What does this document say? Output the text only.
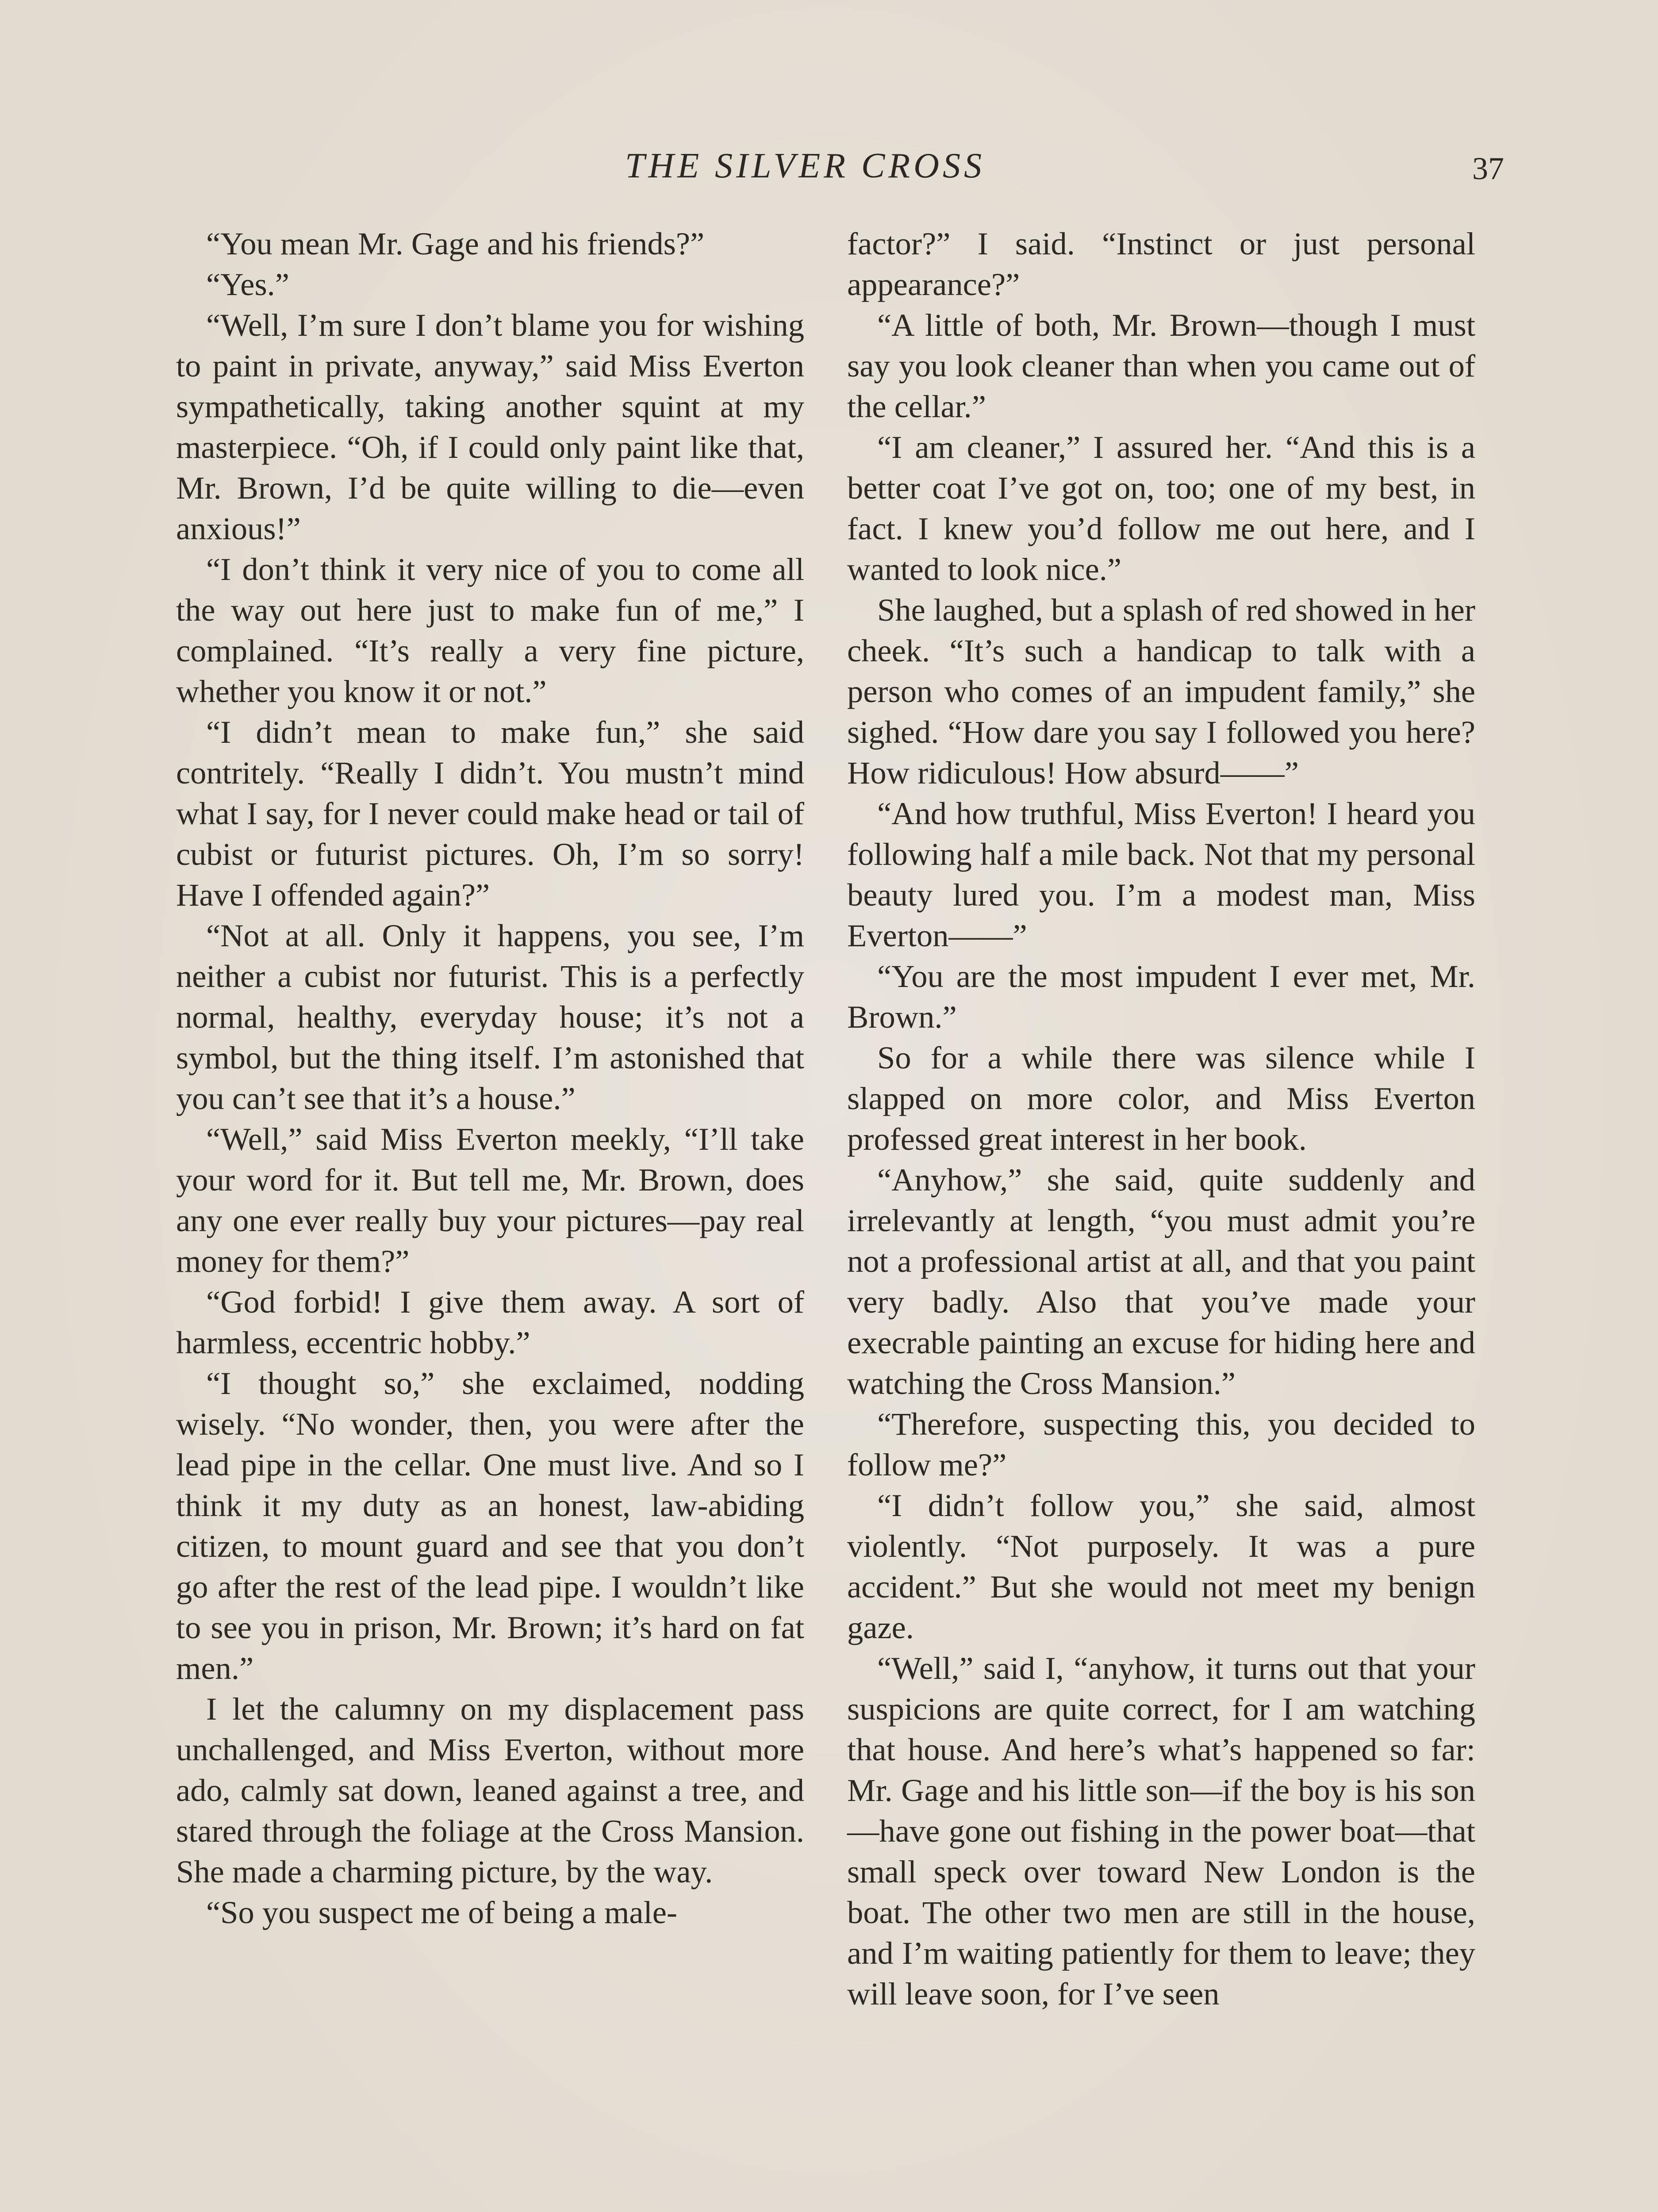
THE SILVER CROSS	37

“You mean Mr. Gage and his friends?”

“Yes.”

“Well, I’m sure I don’t blame you for wishing to paint in private, anyway,” said Miss Everton sympathetically, taking another squint at my masterpiece. “Oh, if I could only paint like that, Mr. Brown, I’d be quite willing to die—even anxious!”

“I don’t think it very nice of you to come all the way out here just to make fun of me,” I complained. “It’s really a very fine picture, whether you know it or not.”

“I didn’t mean to make fun,” she said contritely. “Really I didn’t. You mustn’t mind what I say, for I never could make head or tail of cubist or futurist pictures. Oh, I’m so sorry! Have I offended again?”

“Not at all. Only it happens, you see, I’m neither a cubist nor futurist. This is a perfectly normal, healthy, everyday house; it’s not a symbol, but the thing itself. I’m astonished that you can’t see that it’s a house.”

“Well,” said Miss Everton meekly, “I’ll take your word for it. But tell me, Mr. Brown, does any one ever really buy your pictures—pay real money for them?”

“God forbid! I give them away. A sort of harmless, eccentric hobby.”

“I thought so,” she exclaimed, nodding wisely. “No wonder, then, you were after the lead pipe in the cellar. One must live. And so I think it my duty as an honest, law-abiding citizen, to mount guard and see that you don’t go after the rest of the lead pipe. I wouldn’t like to see you in prison, Mr. Brown; it’s hard on fat men.”

I let the calumny on my displacement pass unchallenged, and Miss Everton, without more ado, calmly sat down, leaned against a tree, and stared through the foliage at the Cross Mansion. She made a charming picture, by the way.

“So you suspect me of being a male-

factor?” I said. “Instinct or just personal appearance?”

“A little of both, Mr. Brown—though I must say you look cleaner than when you came out of the cellar.”

“I am cleaner,” I assured her. “And this is a better coat I’ve got on, too; one of my best, in fact. I knew you’d follow me out here, and I wanted to look nice.”

She laughed, but a splash of red showed in her cheek. “It’s such a handicap to talk with a person who comes of an impudent family,” she sighed. “How dare you say I followed you here? How ridiculous! How absurd——”

“And how truthful, Miss Everton! I heard you following half a mile back. Not that my personal beauty lured you. I’m a modest man, Miss Everton——”

“You are the most impudent I ever met, Mr. Brown.”

So for a while there was silence while I slapped on more color, and Miss Everton professed great interest in her book.

“Anyhow,” she said, quite suddenly and irrelevantly at length, “you must admit you’re not a professional artist at all, and that you paint very badly. Also that you’ve made your execrable painting an excuse for hiding here and watching the Cross Mansion.”

“Therefore, suspecting this, you decided to follow me?”

“I didn’t follow you,” she said, almost violently. “Not purposely. It was a pure accident.” But she would not meet my benign gaze.

“Well,” said I, “anyhow, it turns out that your suspicions are quite correct, for I am watching that house. And here’s what’s happened so far: Mr. Gage and his little son—if the boy is his son—have gone out fishing in the power boat—that small speck over toward New London is the boat. The other two men are still in the house, and I’m waiting patiently for them to leave; they will leave soon, for I’ve seen
